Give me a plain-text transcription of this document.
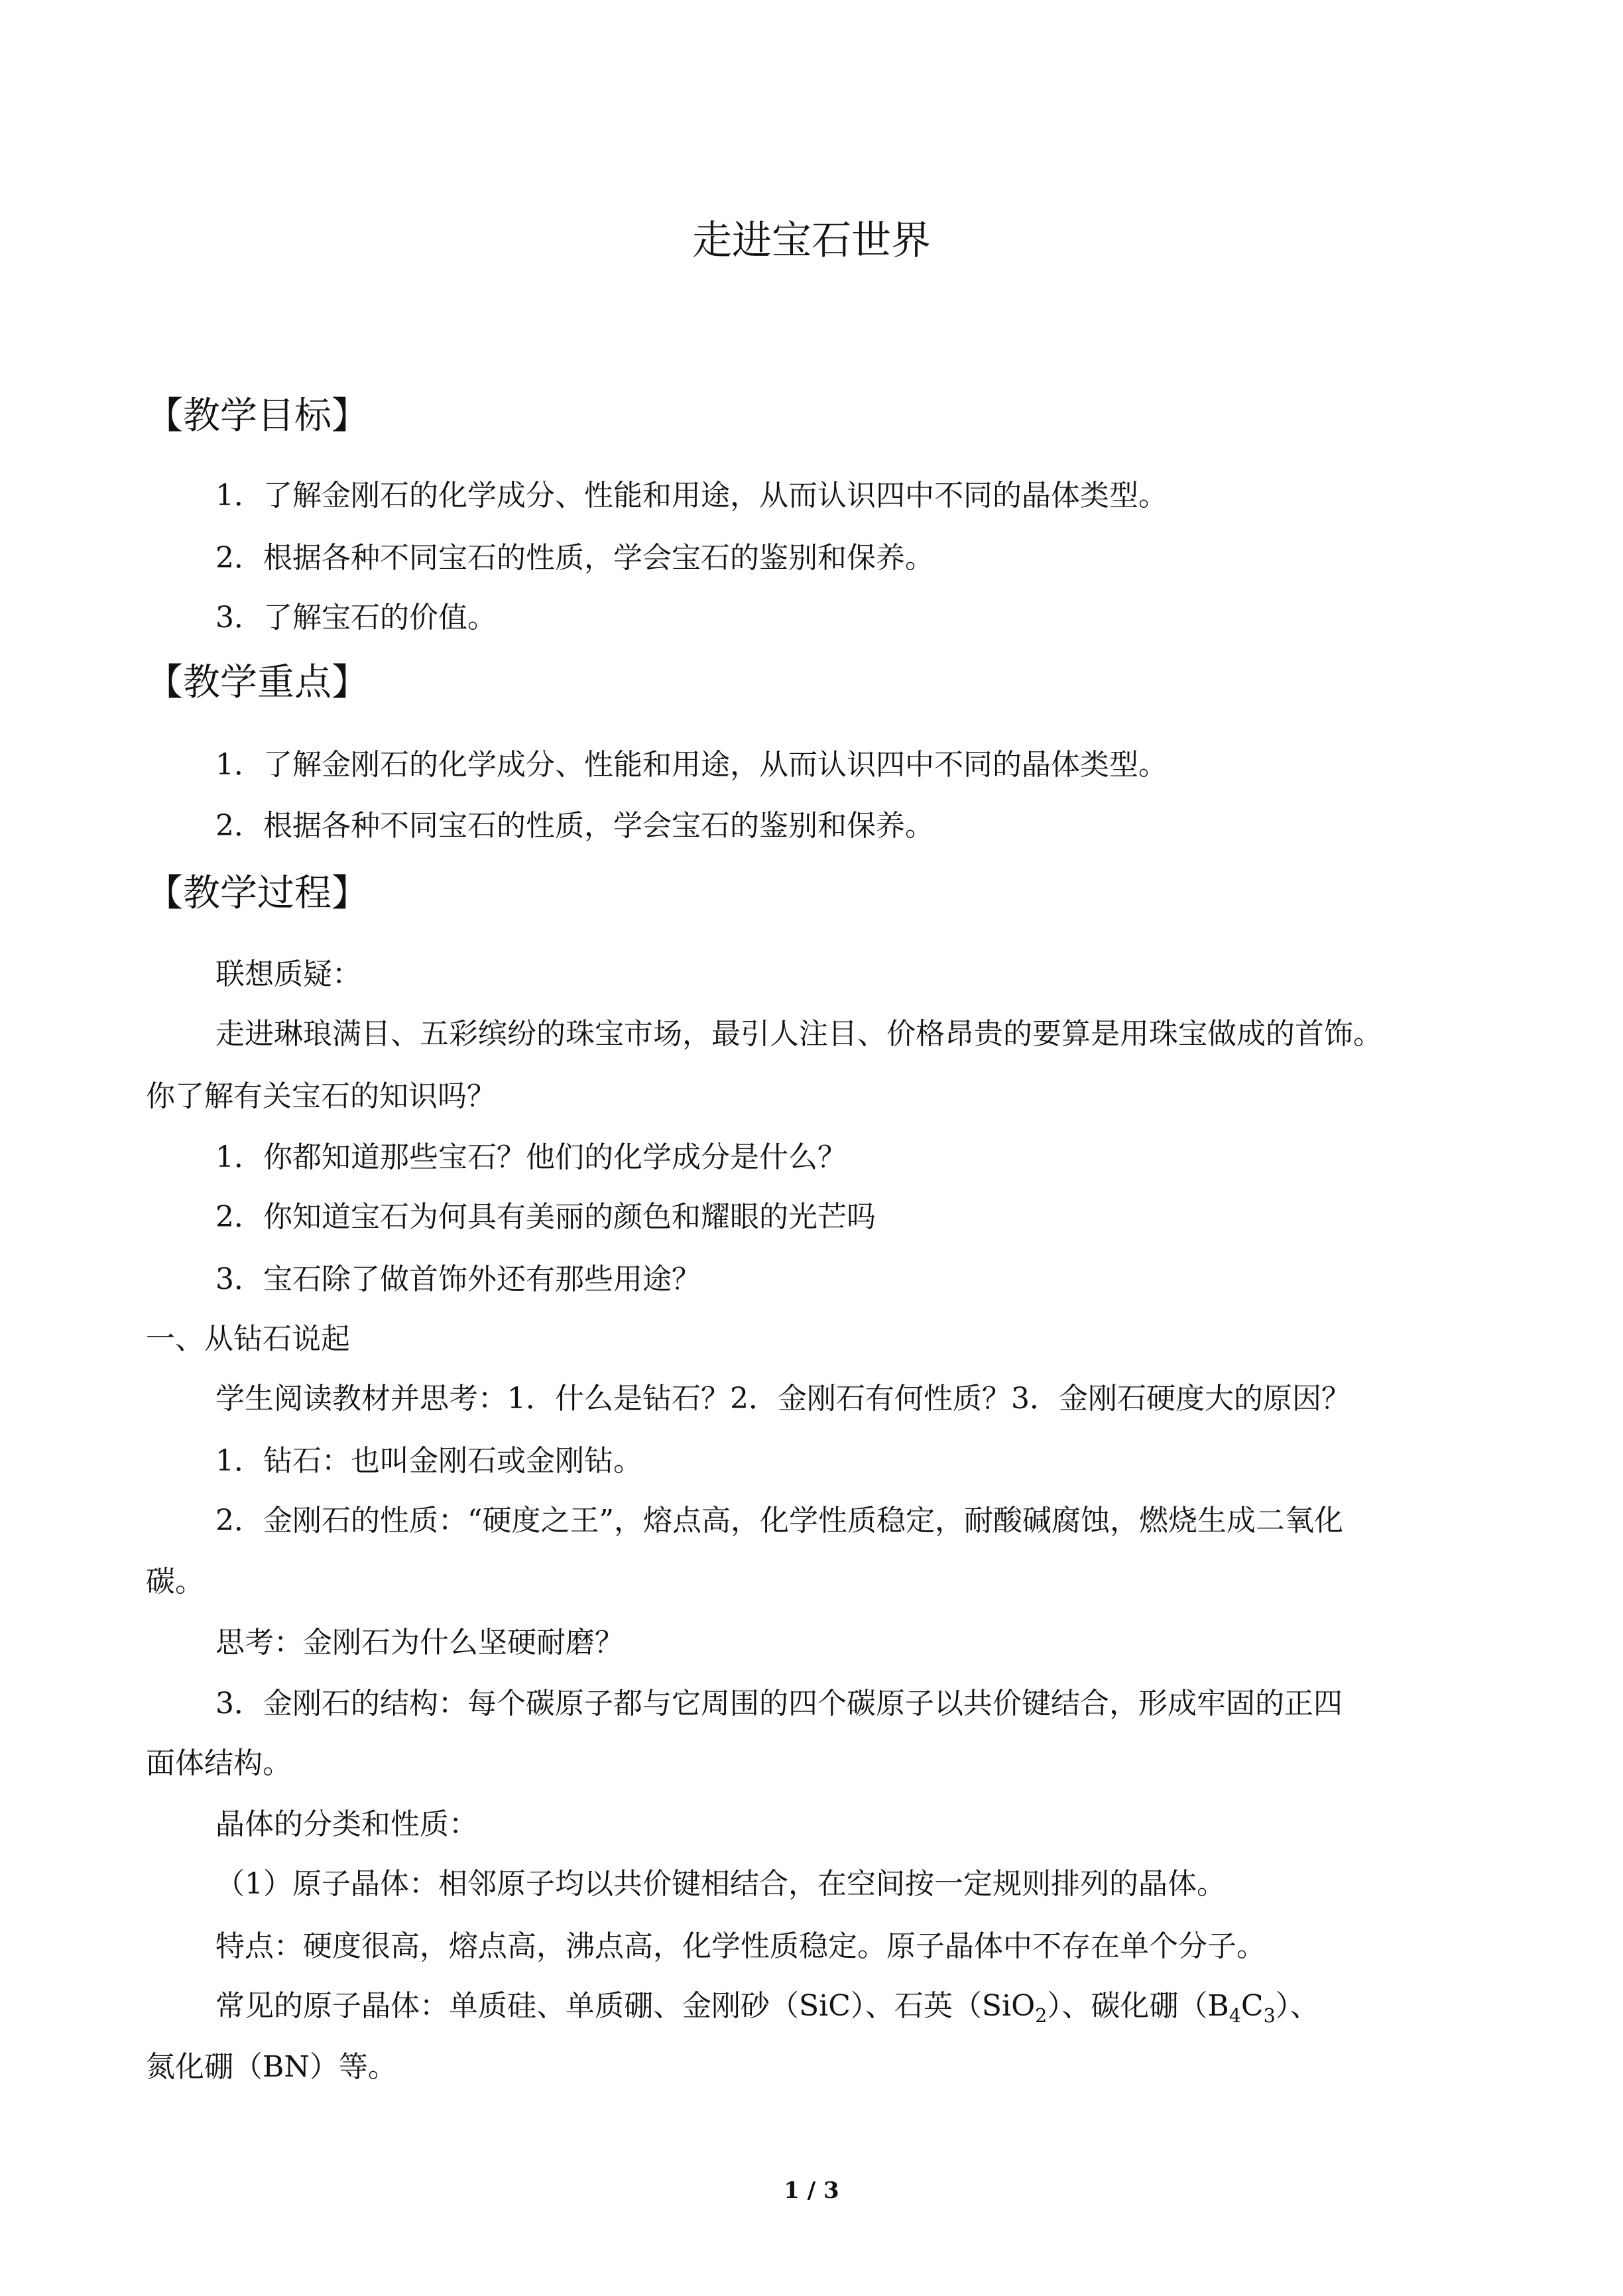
走进宝石世界
【教学目标】

1．了解金刚石的化学成分、性能和用途，从而认识四中不同的晶体类型。

2．根据各种不同宝石的性质，学会宝石的鉴别和保养。

3．了解宝石的价值。

【教学重点】

1．了解金刚石的化学成分、性能和用途，从而认识四中不同的晶体类型。

2．根据各种不同宝石的性质，学会宝石的鉴别和保养。

【教学过程】

联想质疑：

走进琳琅满目、五彩缤纷的珠宝市场，最引人注目、价格昂贵的要算是用珠宝做成的首饰。

你了解有关宝石的知识吗？

1．你都知道那些宝石？他们的化学成分是什么？

2．你知道宝石为何具有美丽的颜色和耀眼的光芒吗

3．宝石除了做首饰外还有那些用途？

一、从钻石说起

学生阅读教材并思考：1．什么是钻石？2．金刚石有何性质？3．金刚石硬度大的原因？

1．钻石：也叫金刚石或金刚钻。

2．金刚石的性质：“硬度之王”，熔点高，化学性质稳定，耐酸碱腐蚀，燃烧生成二氧化

碳。

思考：金刚石为什么坚硬耐磨？

3．金刚石的结构：每个碳原子都与它周围的四个碳原子以共价键结合，形成牢固的正四

面体结构。

晶体的分类和性质：

（1）原子晶体：相邻原子均以共价键相结合，在空间按一定规则排列的晶体。

特点：硬度很高，熔点高，沸点高，化学性质稳定。原子晶体中不存在单个分子。

常见的原子晶体：单质硅、单质硼、金刚砂（SiC）、石英（SiO$_2$）、碳化硼$(B_4C_3)$、

氮化硼（BN）等。

1 / 3
